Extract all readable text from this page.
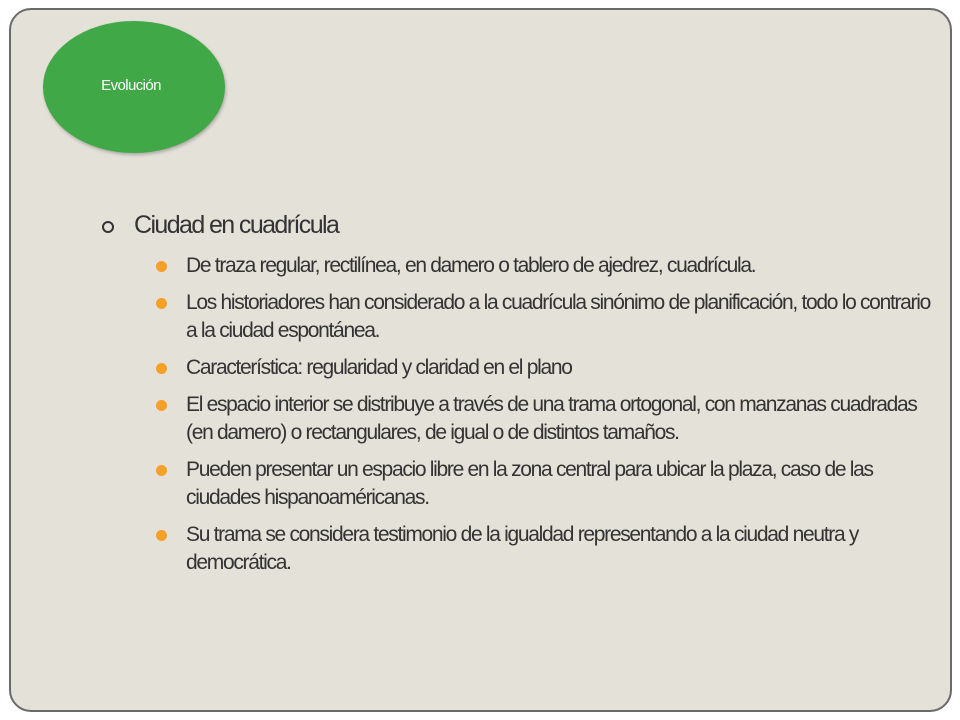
Evolución
Ciudad en cuadrícula
De traza regular, rectilínea, en damero o tablero de ajedrez, cuadrícula.
Los historiadores han considerado a la cuadrícula sinónimo de planificación, todo lo contrario a la ciudad espontánea.
Característica: regularidad y claridad en el plano
El espacio interior se distribuye a través de una trama ortogonal, con manzanas cuadradas (en damero) o rectangulares, de igual o de distintos tamaños.
Pueden presentar un espacio libre en la zona central para ubicar la plaza, caso de las ciudades hispanoaméricanas.
Su trama se considera testimonio de la igualdad representando a la ciudad neutra y democrática.
